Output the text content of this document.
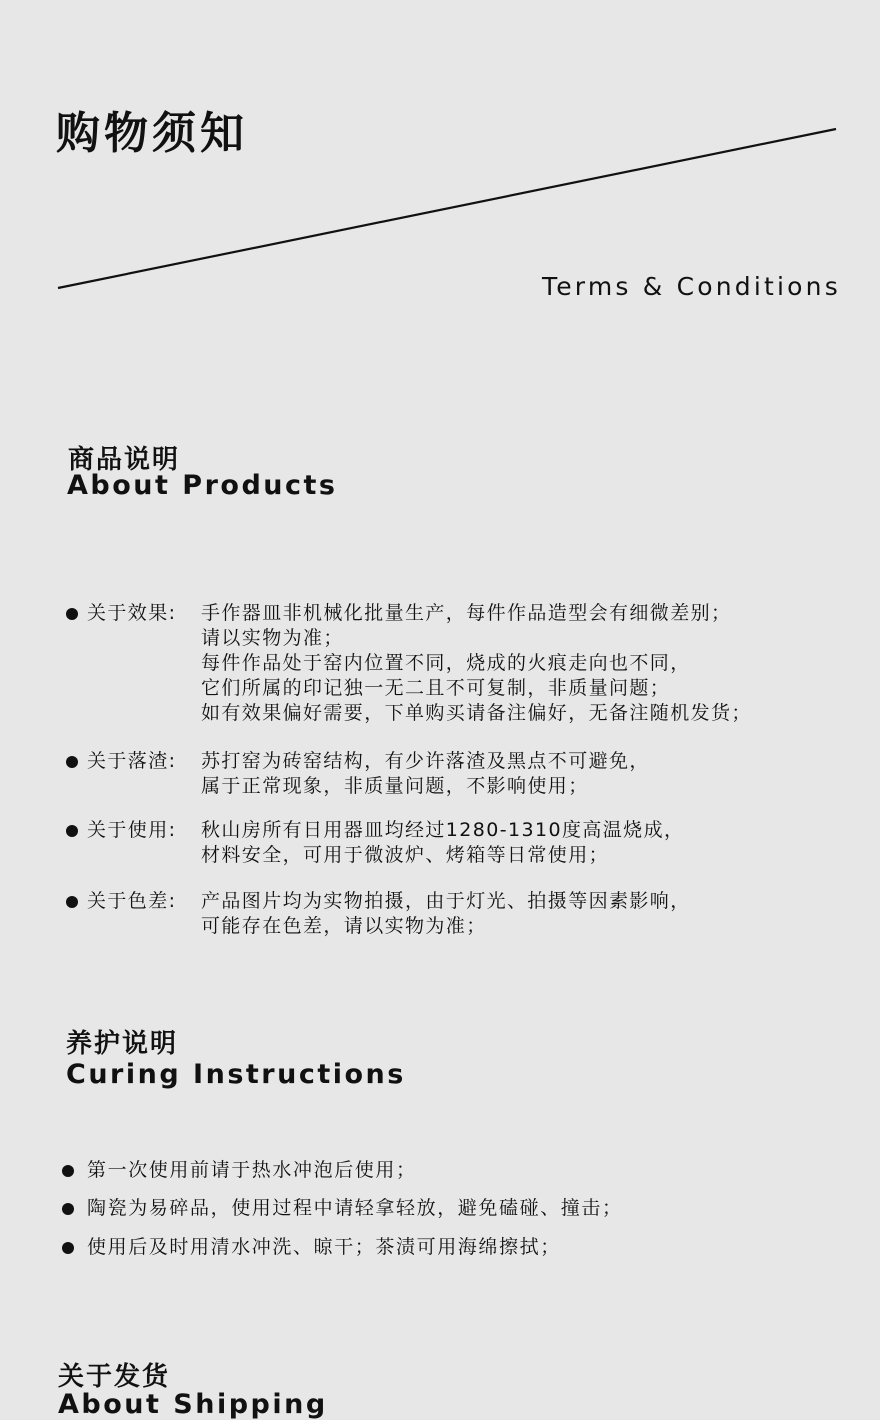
购物须知
Terms & Conditions
商品说明
About Products
关于效果: 手作器皿非机械化批量生产，每件作品造型会有细微差别；
请以实物为准；
每件作品处于窑内位置不同，烧成的火痕走向也不同，
它们所属的印记独一无二且不可复制，非质量问题；
如有效果偏好需要，下单购买请备注偏好，无备注随机发货；
关于落渣: 苏打窑为砖窑结构，有少许落渣及黑点不可避免，
属于正常现象，非质量问题，不影响使用；
关于使用: 秋山房所有日用器皿均经过1280-1310度高温烧成，
材料安全，可用于微波炉、烤箱等日常使用；
关于色差: 产品图片均为实物拍摄，由于灯光、拍摄等因素影响，
可能存在色差，请以实物为准；
养护说明
Curing Instructions
第一次使用前请于热水冲泡后使用；
陶瓷为易碎品，使用过程中请轻拿轻放，避免磕碰、撞击；
使用后及时用清水冲洗、晾干；茶渍可用海绵擦拭；
关于发货
About Shipping
